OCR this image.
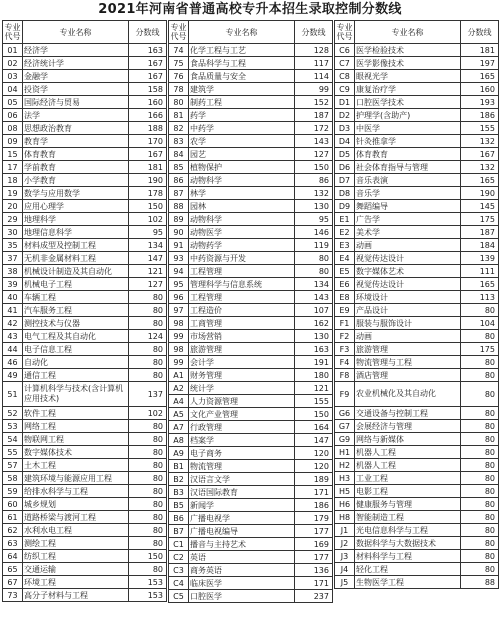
2021年河南省普通高校专升本招生录取控制分数线
专业代号	专业名称	分数线
01	经济学	163
02	经济统计学	167
03	金融学	167
04	投资学	158
05	国际经济与贸易	160
06	法学	166
08	思想政治教育	188
09	教育学	170
15	体育教育	167
17	学前教育	181
18	小学教育	190
19	数学与应用数学	178
20	应用心理学	150
29	地理科学	102
30	地理信息科学	95
35	材料成型及控制工程	134
37	无机非金属材料工程	147
38	机械设计制造及其自动化	121
39	机械电子工程	127
40	车辆工程	80
41	汽车服务工程	80
42	测控技术与仪器	80
43	电气工程及其自动化	124
44	电子信息工程	80
46	自动化	80
49	通信工程	80
51	计算机科学与技术(含计算机应用技术)	137
52	软件工程	102
53	网络工程	80
54	物联网工程	80
55	数字媒体技术	80
57	土木工程	80
58	建筑环境与能源应用工程	80
59	给排水科学与工程	80
60	城乡规划	80
61	道路桥梁与渡河工程	80
62	水利水电工程	80
63	测绘工程	80
64	纺织工程	150
65	交通运输	80
67	环境工程	153
73	高分子材料与工程	153
专业代号	专业名称	分数线
74	化学工程与工艺	128
75	食品科学与工程	117
76	食品质量与安全	114
78	建筑学	99
80	制药工程	152
81	药学	187
82	中药学	172
83	农学	143
84	园艺	127
85	植物保护	150
86	动物科学	86
87	林学	132
88	园林	130
89	动物科学	95
90	动物医学	146
91	动物药学	119
93	中药资源与开发	80
94	工程管理	80
95	管理科学与信息系统	134
96	工程管理	143
97	工程造价	107
98	工商管理	162
99	市场营销	130
98	旅游管理	163
99	会计学	191
A1	财务管理	180
A2	统计学	121
A4	人力资源管理	155
A5	文化产业管理	150
A7	行政管理	164
A8	档案学	147
A9	电子商务	120
B1	物流管理	120
B2	汉语言文学	189
B3	汉语国际教育	171
B5	新闻学	186
B6	广播电视学	179
B7	广播电视编导	177
C1	播音与主持艺术	169
C2	英语	177
C3	商务英语	136
C4	临床医学	171
C5	口腔医学	237
专业代号	专业名称	分数线
C6	医学检验技术	181
C7	医学影像技术	197
C8	眼视光学	165
C9	康复治疗学	160
D1	口腔医学技术	193
D2	护理学(含助产)	186
D3	中医学	155
D4	针灸推拿学	132
D5	体育教育	167
D6	社会体育指导与管理	132
D7	音乐表演	165
D8	音乐学	190
D9	舞蹈编导	145
E1	广告学	175
E2	美术学	187
E3	动画	184
E4	视觉传达设计	139
E5	数字媒体艺术	111
E6	视觉传达设计	165
E8	环境设计	113
E9	产品设计	80
F1	服装与服饰设计	104
F2	动画	80
F3	旅游管理	175
F4	物流管理与工程	80
F8	酒店管理	80
F9	农业机械化及其自动化	80
G6	交通设备与控制工程	80
G7	会展经济与管理	80
G9	网络与新媒体	80
H1	机器人工程	80
H2	机器人工程	80
H3	工业工程	80
H5	电影工程	80
H6	健康服务与管理	80
H8	智能制造工程	80
J1	光电信息科学与工程	80
J2	数据科学与大数据技术	80
J3	材料科学与工程	80
J4	轻化工程	80
J5	生物医学工程	88
